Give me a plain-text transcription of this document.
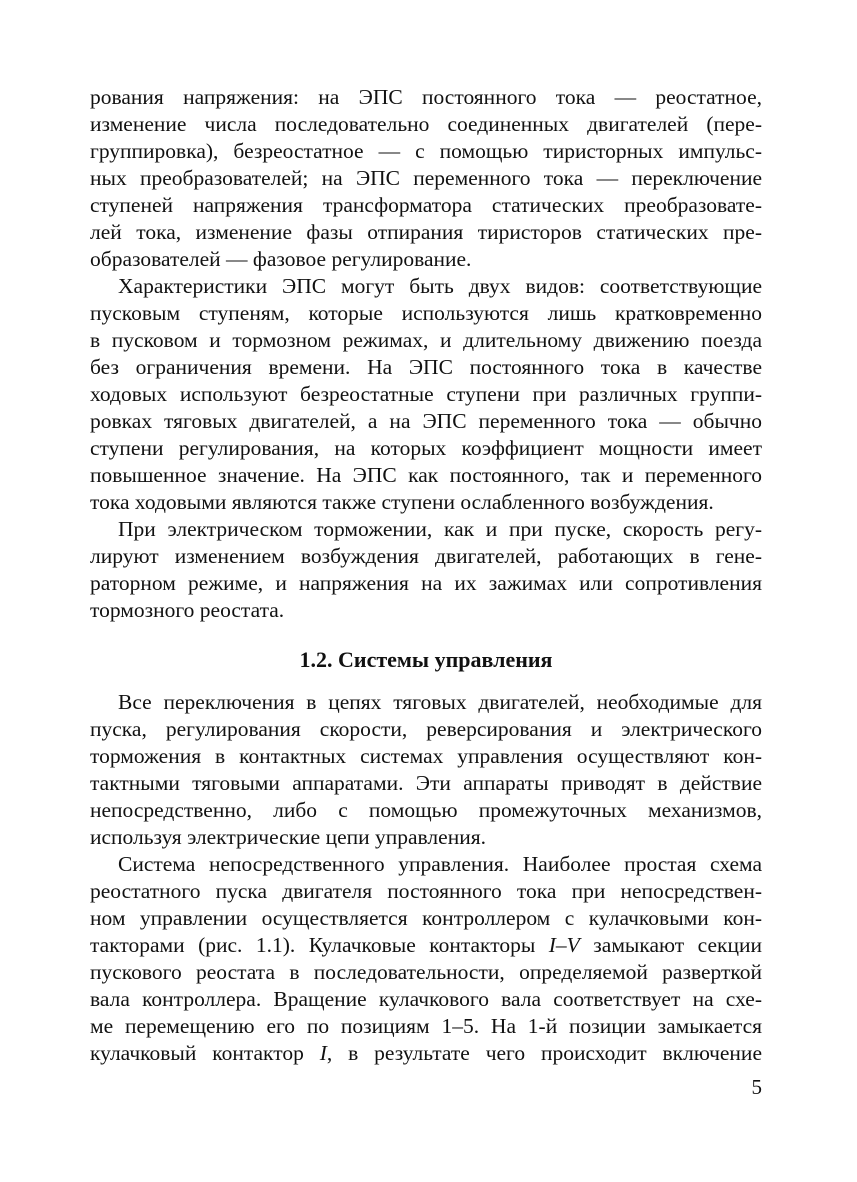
рования напряжения: на ЭПС постоянного тока — реостатное,
изменение числа последовательно соединенных двигателей (пере-
группировка), безреостатное — с помощью тиристорных импульс-
ных преобразователей; на ЭПС переменного тока — переключение
ступеней напряжения трансформатора статических преобразовате-
лей тока, изменение фазы отпирания тиристоров статических пре-
образователей — фазовое регулирование.

Характеристики ЭПС могут быть двух видов: соответствующие
пусковым ступеням, которые используются лишь кратковременно
в пусковом и тормозном режимах, и длительному движению поезда
без ограничения времени. На ЭПС постоянного тока в качестве
ходовых используют безреостатные ступени при различных группи-
ровках тяговых двигателей, а на ЭПС переменного тока — обычно
ступени регулирования, на которых коэффициент мощности имеет
повышенное значение. На ЭПС как постоянного, так и переменного
тока ходовыми являются также ступени ослабленного возбуждения.

При электрическом торможении, как и при пуске, скорость регу-
лируют изменением возбуждения двигателей, работающих в гене-
раторном режиме, и напряжения на их зажимах или сопротивления
тормозного реостата.

1.2. Системы управления

Все переключения в цепях тяговых двигателей, необходимые для
пуска, регулирования скорости, реверсирования и электрического
торможения в контактных системах управления осуществляют кон-
тактными тяговыми аппаратами. Эти аппараты приводят в действие
непосредственно, либо с помощью промежуточных механизмов,
используя электрические цепи управления.

Система непосредственного управления. Наиболее простая схема
реостатного пуска двигателя постоянного тока при непосредствен-
ном управлении осуществляется контроллером с кулачковыми кон-
такторами (рис. 1.1). Кулачковые контакторы I–V замыкают секции
пускового реостата в последовательности, определяемой разверткой
вала контроллера. Вращение кулачкового вала соответствует на схе-
ме перемещению его по позициям 1–5. На 1-й позиции замыкается
кулачковый контактор I, в результате чего происходит включение

5
